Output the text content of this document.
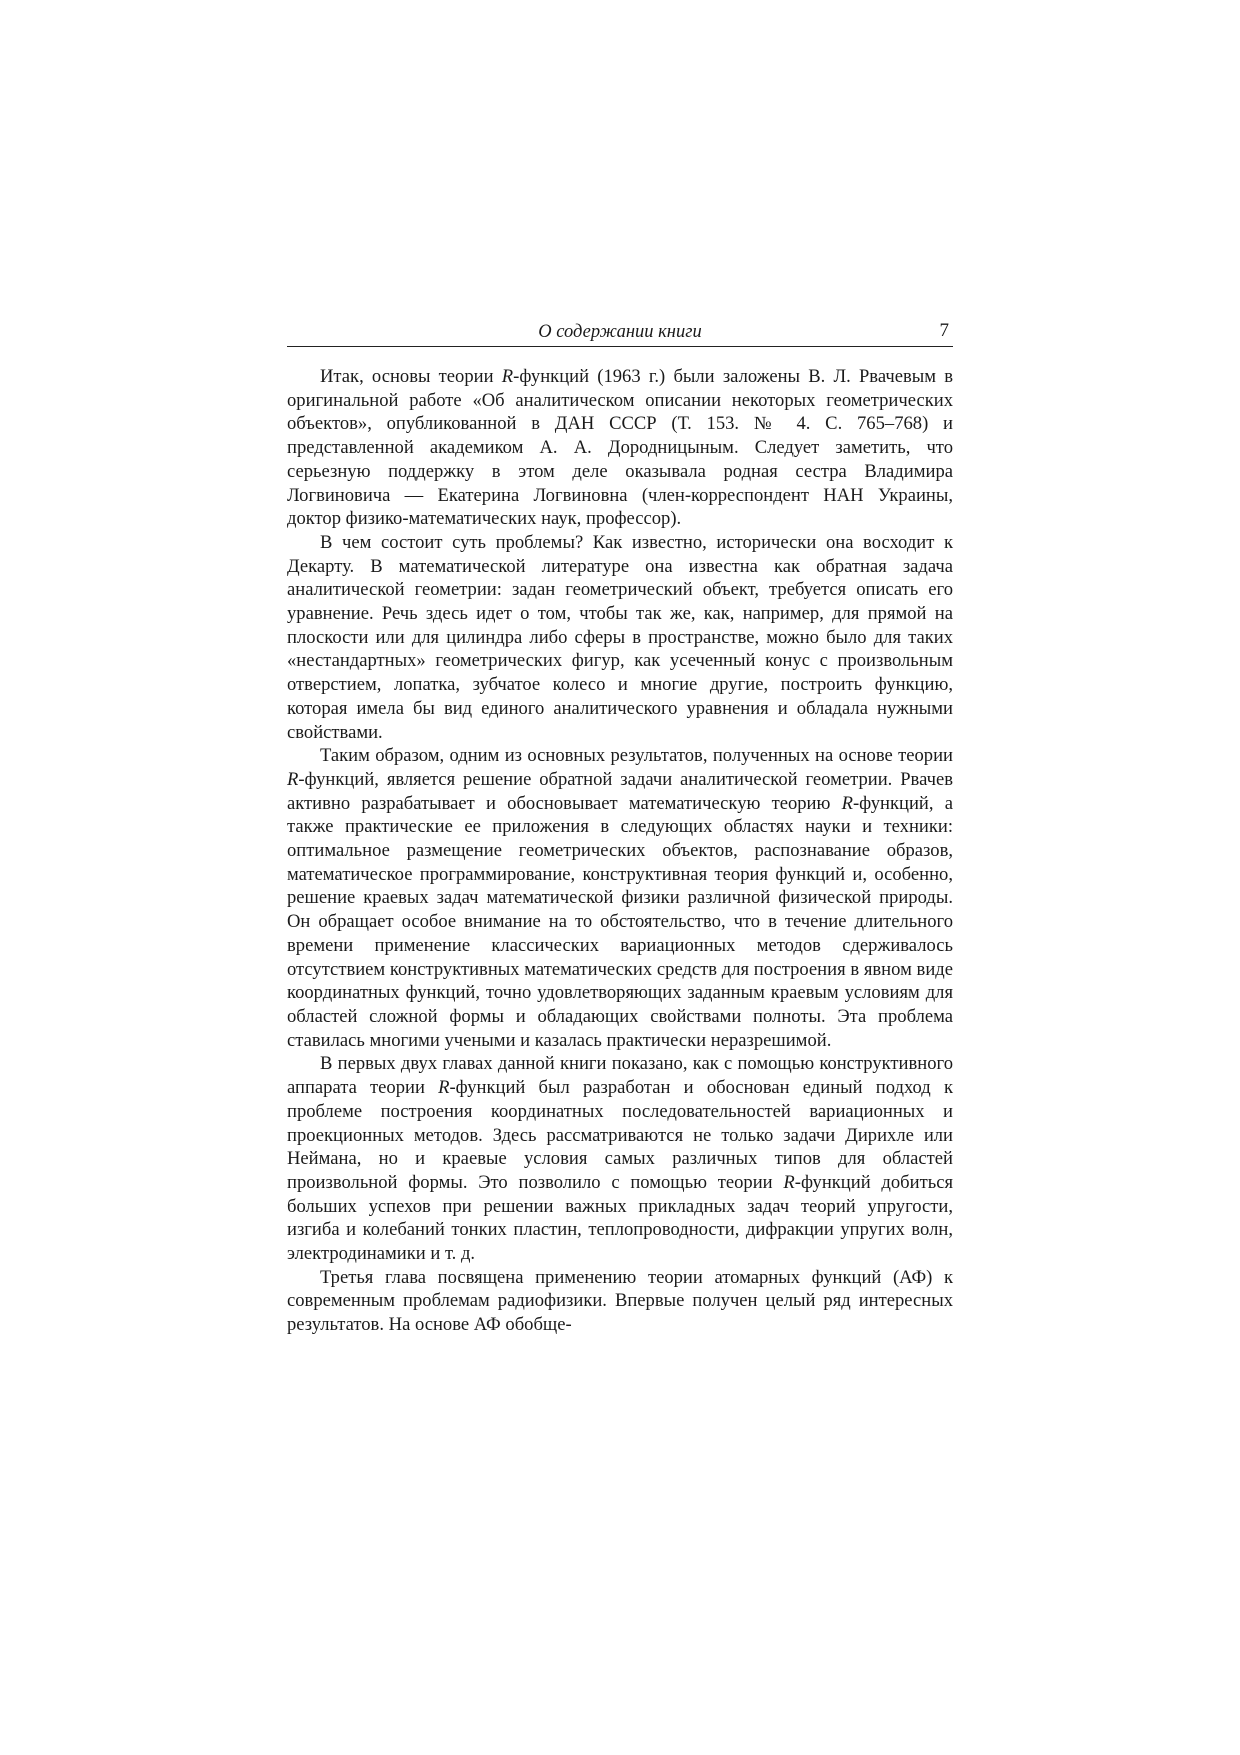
О содержании книги	7

Итак, основы теории R-функций (1963 г.) были заложены В. Л. Рвачевым в оригинальной работе «Об аналитическом описании некоторых геометрических объектов», опубликованной в ДАН СССР (Т. 153. № 4. С. 765–768) и представленной академиком А. А. Дородницыным. Следует заметить, что серьезную поддержку в этом деле оказывала родная сестра Владимира Логвиновича — Екатерина Логвиновна (член-корреспондент НАН Украины, доктор физико-математических наук, профессор).

В чем состоит суть проблемы? Как известно, исторически она восходит к Декарту. В математической литературе она известна как обратная задача аналитической геометрии: задан геометрический объект, требуется описать его уравнение. Речь здесь идет о том, чтобы так же, как, например, для прямой на плоскости или для цилиндра либо сферы в пространстве, можно было для таких «нестандартных» геометрических фигур, как усеченный конус с произвольным отверстием, лопатка, зубчатое колесо и многие другие, построить функцию, которая имела бы вид единого аналитического уравнения и обладала нужными свойствами.

Таким образом, одним из основных результатов, полученных на основе теории R-функций, является решение обратной задачи аналитической геометрии. Рвачев активно разрабатывает и обосновывает математическую теорию R-функций, а также практические ее приложения в следующих областях науки и техники: оптимальное размещение геометрических объектов, распознавание образов, математическое программирование, конструктивная теория функций и, особенно, решение краевых задач математической физики различной физической природы. Он обращает особое внимание на то обстоятельство, что в течение длительного времени применение классических вариационных методов сдерживалось отсутствием конструктивных математических средств для построения в явном виде координатных функций, точно удовлетворяющих заданным краевым условиям для областей сложной формы и обладающих свойствами полноты. Эта проблема ставилась многими учеными и казалась практически неразрешимой.

В первых двух главах данной книги показано, как с помощью конструктивного аппарата теории R-функций был разработан и обоснован единый подход к проблеме построения координатных последовательностей вариационных и проекционных методов. Здесь рассматриваются не только задачи Дирихле или Неймана, но и краевые условия самых различных типов для областей произвольной формы. Это позволило с помощью теории R-функций добиться больших успехов при решении важных прикладных задач теорий упругости, изгиба и колебаний тонких пластин, теплопроводности, дифракции упругих волн, электродинамики и т. д.

Третья глава посвящена применению теории атомарных функций (АФ) к современным проблемам радиофизики. Впервые получен целый ряд интересных результатов. На основе АФ обобще-
